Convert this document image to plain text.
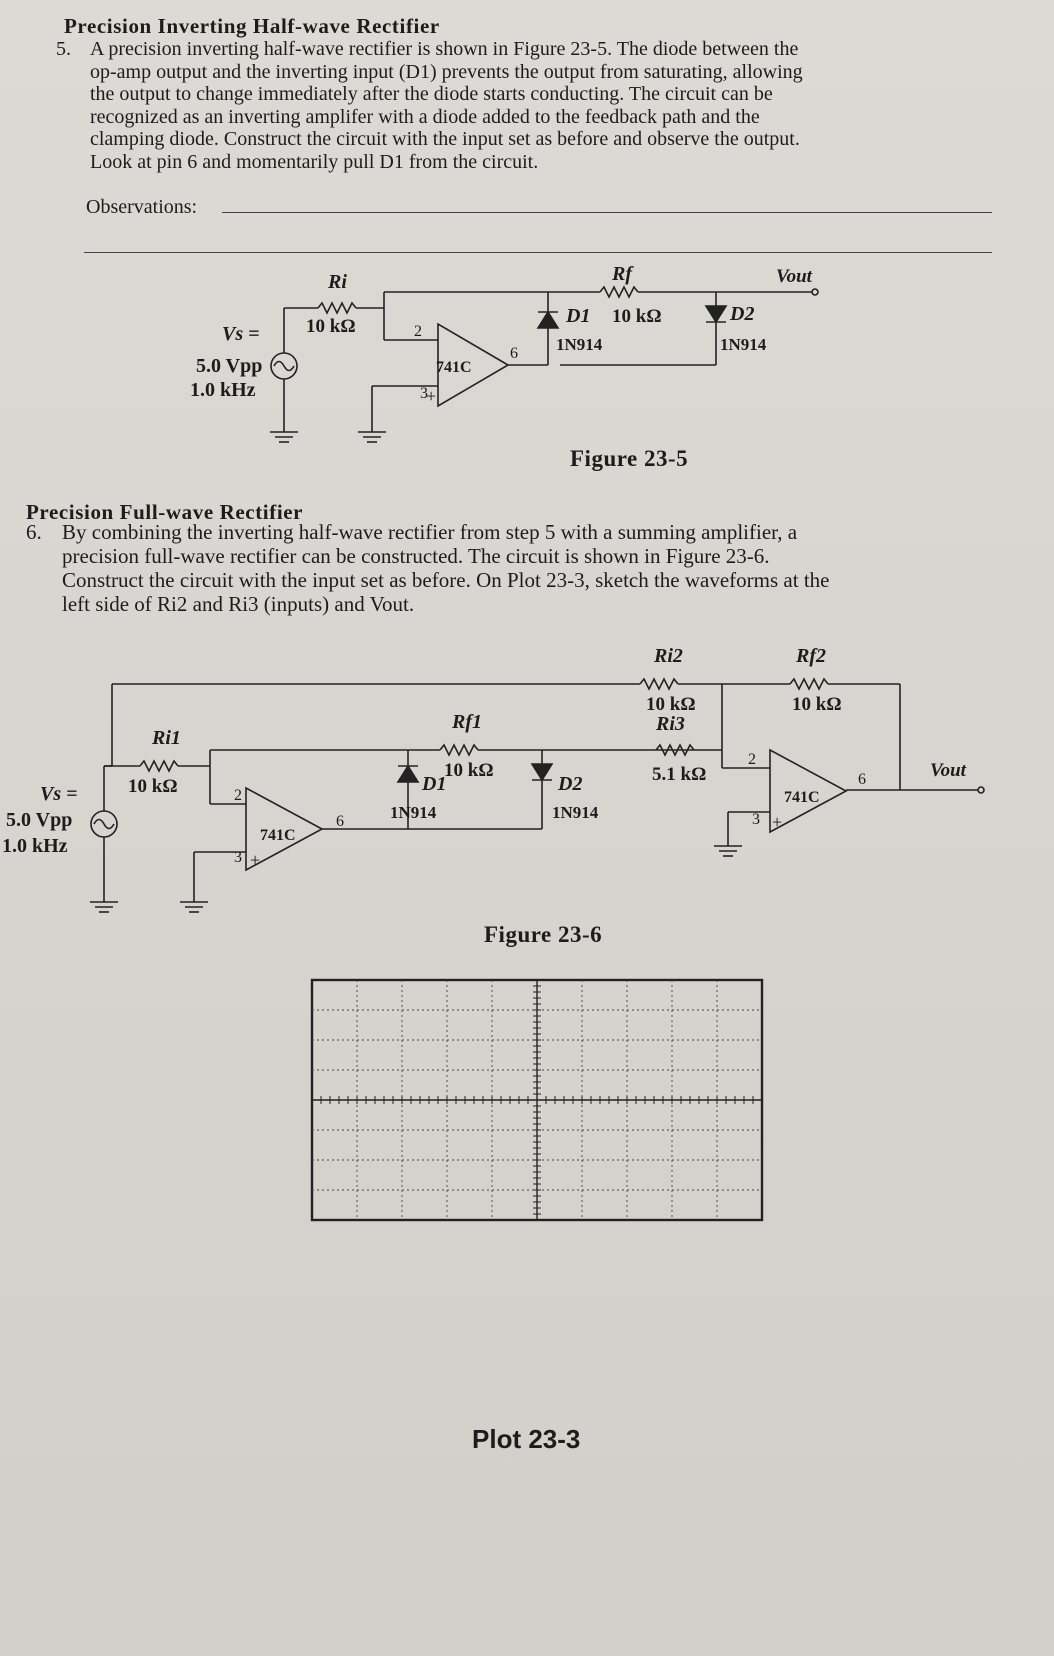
Precision Inverting Half-wave Rectifier
5. A precision inverting half-wave rectifier is shown in Figure 23-5. The diode between the
op-amp output and the inverting input (D1) prevents the output from saturating, allowing
the output to change immediately after the diode starts conducting. The circuit can be
recognized as an inverting amplifer with a diode added to the feedback path and the
clamping diode. Construct the circuit with the input set as before and observe the output.
Look at pin 6 and momentarily pull D1 from the circuit.
Observations:
Vs =
5.0 Vpp
1.0 kHz
Ri
10 kΩ	2
741C
3
+
6
D1
1N914
Rf
10 kΩ	D2
1N914
Vout
Figure 23-5
Precision Full-wave Rectifier
6. By combining the inverting half-wave rectifier from step 5 with a summing amplifier, a
precision full-wave rectifier can be constructed. The circuit is shown in Figure 23-6.
Construct the circuit with the input set as before. On Plot 23-3, sketch the waveforms at the
left side of Ri2 and Ri3 (inputs) and Vout.
Vs =
5.0 Vpp
1.0 kHz
Ri2
10 kΩ
Ri1
10 kΩ	2
741C
3 +
6
D1
1N914
Rf1
10 kΩ
D2
1N914
Ri3
5.1 kΩ
2
Rf2
10 kΩ
741C
3 +
6	Vout
Figure 23-6
Plot 23-3
